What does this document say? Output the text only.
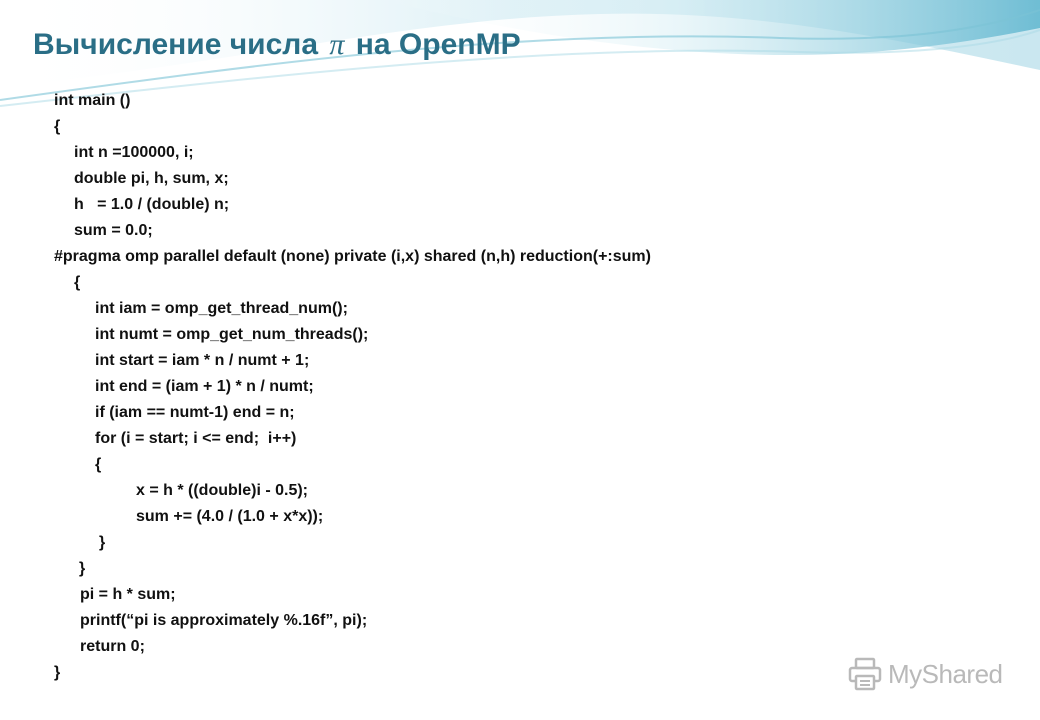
Вычисление числа π на OpenMP
int main ()
{
int n =100000, i;
double pi, h, sum, x;
h   = 1.0 / (double) n;
sum = 0.0;
#pragma omp parallel default (none) private (i,x) shared (n,h) reduction(+:sum)
{
int iam = omp_get_thread_num();
int numt = omp_get_num_threads();
int start = iam * n / numt + 1;
int end = (iam + 1) * n / numt;
if (iam == numt-1) end = n;
for (i = start; i <= end;  i++)
{
x = h * ((double)i - 0.5);
sum += (4.0 / (1.0 + x*x));
}
}
pi = h * sum;
printf(“pi is approximately %.16f”, pi);
return 0;
}	MyShared
